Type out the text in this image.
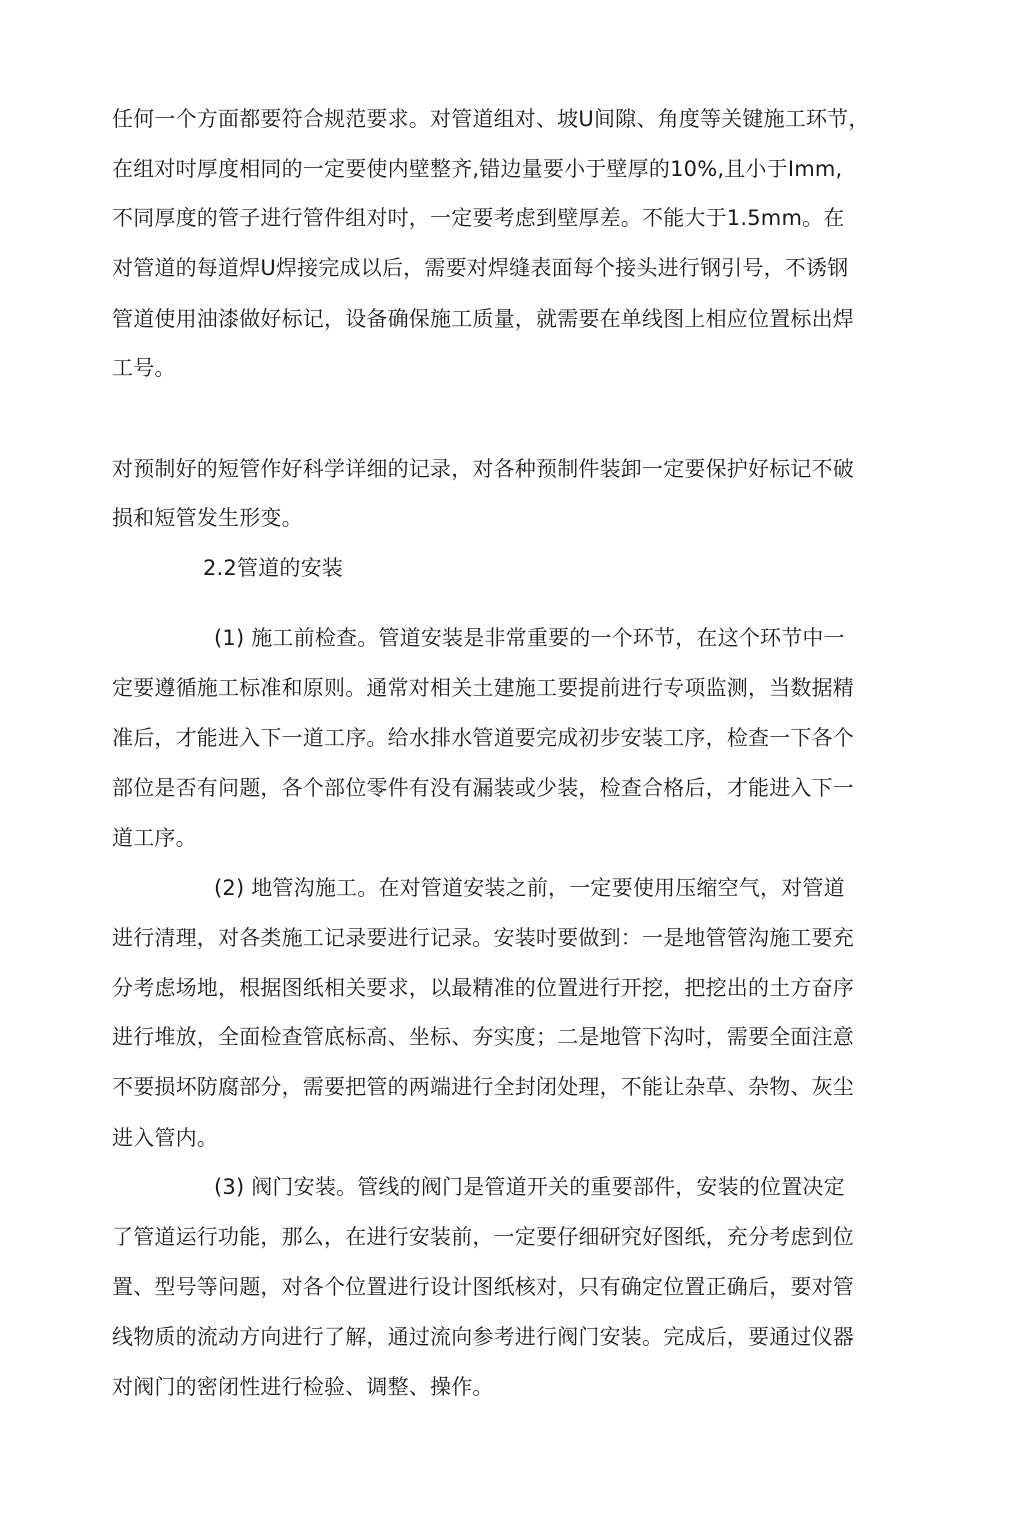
任何一个方面都要符合规范要求。对管道组对、坡U间隙、角度等关键施工环节，
在组对吋厚度相同的一定要使内壁整齐,错边量要小于壁厚的10%,且小于Imm,
不同厚度的管子进行管件组对吋，一定要考虑到壁厚差。不能大于1.5mm。在
对管道的每道焊U焊接完成以后，需要对焊缝表面每个接头进行钢引号，不诱钢
管道使用油漆做好标记，设备确保施工质量，就需要在单线图上相应位置标出焊
工号。
对预制好的短管作好科学详细的记录，对各种预制件装卸一定要保护好标记不破
损和短管发生形变。
2.2管道的安装
(1) 施工前检查。管道安装是非常重要的一个环节，在这个环节中一
定要遵循施工标准和原则。通常对相关土建施工要提前进行专项监测，当数据精
准后，才能进入下一道工序。给水排水管道要完成初步安装工序，检查一下各个
部位是否有问题，各个部位零件有没有漏装或少装，检查合格后，才能进入下一
道工序。
(2) 地管沟施工。在对管道安装之前，一定要使用压缩空气，对管道
进行清理，对各类施工记录要进行记录。安装吋要做到：一是地管管沟施工要充
分考虑场地，根据图纸相关要求，以最精准的位置进行开挖，把挖出的土方奋序
进行堆放，全面检查管底标高、坐标、夯实度；二是地管下沟吋，需要全面注意
不要损坏防腐部分，需要把管的两端进行全封闭处理，不能让杂草、杂物、灰尘
进入管内。
(3) 阀门安装。管线的阀门是管道开关的重要部件，安装的位置决定
了管道运行功能，那么，在进行安装前，一定要仔细研究好图纸，充分考虑到位
置、型号等问题，对各个位置进行设计图纸核对，只有确定位置正确后，要对管
线物质的流动方向进行了解，通过流向参考进行阀门安装。完成后，要通过仪器
对阀门的密闭性进行检验、调整、操作。
